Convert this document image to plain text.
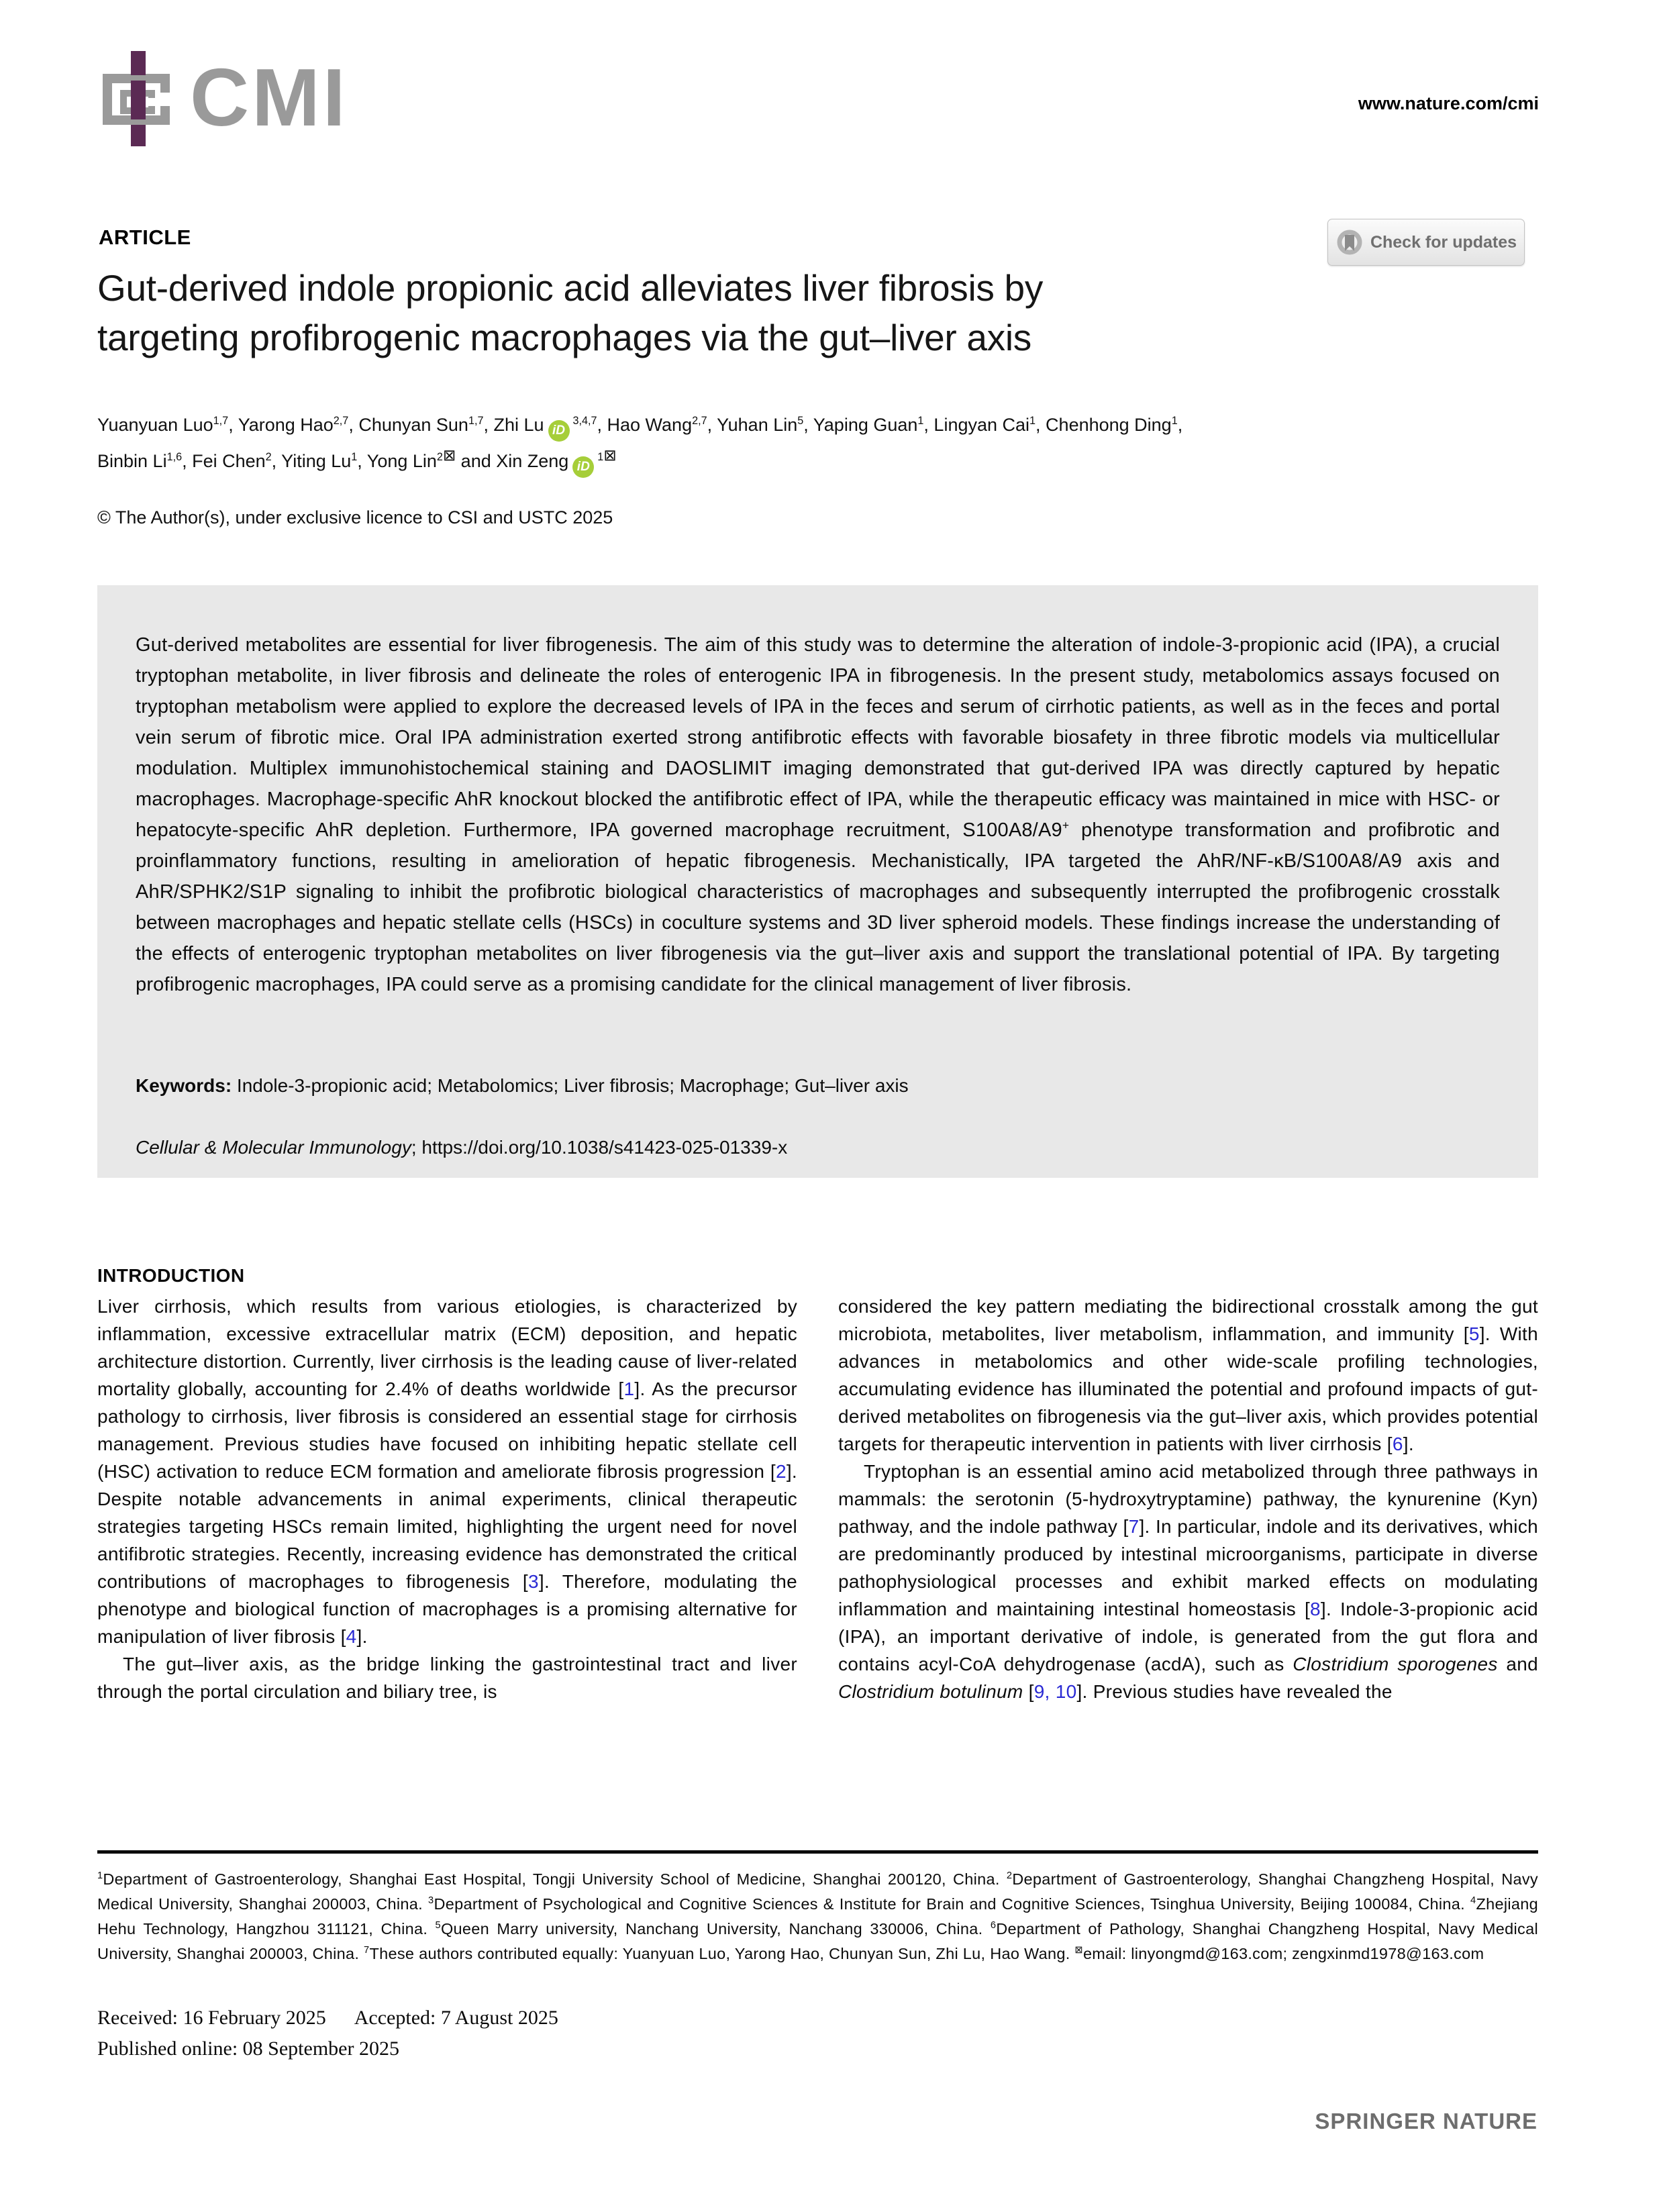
CMI	www.nature.com/cmi
ARTICLE	Check for updates
Gut-derived indole propionic acid alleviates liver fibrosis by
targeting profibrogenic macrophages via the gut–liver axis
Yuanyuan Luo$^{1,7}$, Yarong Hao$^{2,7}$, Chunyan Sun$^{1,7}$, Zhi Lu iD$^{3,4,7}$, Hao Wang$^{2,7}$, Yuhan Lin$^5$, Yaping Guan$^1$, Lingyan Cai$^1$, Chenhong Ding$^1$,
Binbin Li$^{1,6}$, Fei Chen$^2$, Yiting Lu$^1$, Yong Lin$^{2⊠}$ and Xin Zeng $iD^{1⊠}$
© The Author(s), under exclusive licence to CSI and USTC 2025
Gut-derived metabolites are essential for liver fibrogenesis. The aim of this study was to determine the alteration of indole-3-propionic acid (IPA), a crucial tryptophan metabolite, in liver fibrosis and delineate the roles of enterogenic IPA in fibrogenesis. In the present study, metabolomics assays focused on tryptophan metabolism were applied to explore the decreased levels of IPA in the feces and serum of cirrhotic patients, as well as in the feces and portal vein serum of fibrotic mice. Oral IPA administration exerted strong antifibrotic effects with favorable biosafety in three fibrotic models via multicellular modulation. Multiplex immunohistochemical staining and DAOSLIMIT imaging demonstrated that gut-derived IPA was directly captured by hepatic macrophages. Macrophage-specific AhR knockout blocked the antifibrotic effect of IPA, while the therapeutic efficacy was maintained in mice with HSC- or hepatocyte-specific AhR depletion. Furthermore, IPA governed macrophage recruitment, S100A8/A9+ phenotype transformation and profibrotic and proinflammatory functions, resulting in amelioration of hepatic fibrogenesis. Mechanistically, IPA targeted the AhR/NF-κB/S100A8/A9 axis and AhR/SPHK2/S1P signaling to inhibit the profibrotic biological characteristics of macrophages and subsequently interrupted the profibrogenic crosstalk between macrophages and hepatic stellate cells (HSCs) in coculture systems and 3D liver spheroid models. These findings increase the understanding of the effects of enterogenic tryptophan metabolites on liver fibrogenesis via the gut–liver axis and support the translational potential of IPA. By targeting profibrogenic macrophages, IPA could serve as a promising candidate for the clinical management of liver fibrosis.
Keywords: Indole-3-propionic acid; Metabolomics; Liver fibrosis; Macrophage; Gut–liver axis
Cellular & Molecular Immunology; https://doi.org/10.1038/s41423-025-01339-x
INTRODUCTION

Liver cirrhosis, which results from various etiologies, is characterized by inflammation, excessive extracellular matrix (ECM) deposition, and hepatic architecture distortion. Currently, liver cirrhosis is the leading cause of liver-related mortality globally, accounting for 2.4% of deaths worldwide [1]. As the precursor pathology to cirrhosis, liver fibrosis is considered an essential stage for cirrhosis management. Previous studies have focused on inhibiting hepatic stellate cell (HSC) activation to reduce ECM formation and ameliorate fibrosis progression [2]. Despite notable advancements in animal experiments, clinical therapeutic strategies targeting HSCs remain limited, highlighting the urgent need for novel antifibrotic strategies. Recently, increasing evidence has demonstrated the critical contributions of macrophages to fibrogenesis [3]. Therefore, modulating the phenotype and biological function of macrophages is a promising alternative for manipulation of liver fibrosis [4].

The gut–liver axis, as the bridge linking the gastrointestinal tract and liver through the portal circulation and biliary tree, is

considered the key pattern mediating the bidirectional crosstalk among the gut microbiota, metabolites, liver metabolism, inflammation, and immunity [5]. With advances in metabolomics and other wide-scale profiling technologies, accumulating evidence has illuminated the potential and profound impacts of gut-derived metabolites on fibrogenesis via the gut–liver axis, which provides potential targets for therapeutic intervention in patients with liver cirrhosis [6].

Tryptophan is an essential amino acid metabolized through three pathways in mammals: the serotonin (5-hydroxytryptamine) pathway, the kynurenine (Kyn) pathway, and the indole pathway [7]. In particular, indole and its derivatives, which are predominantly produced by intestinal microorganisms, participate in diverse pathophysiological processes and exhibit marked effects on modulating inflammation and maintaining intestinal homeostasis [8]. Indole-3-propionic acid (IPA), an important derivative of indole, is generated from the gut flora and contains acyl-CoA dehydrogenase (acdA), such as Clostridium sporogenes and Clostridium botulinum [9, 10]. Previous studies have revealed the

$^1$Department of Gastroenterology, Shanghai East Hospital, Tongji University School of Medicine, Shanghai 200120, China. $^2$Department of Gastroenterology, Shanghai Changzheng Hospital, Navy Medical University, Shanghai 200003, China. $^3$Department of Psychological and Cognitive Sciences & Institute for Brain and Cognitive Sciences, Tsinghua University, Beijing 100084, China. $^4$Zhejiang Hehu Technology, Hangzhou 311121, China. $^5$Queen Marry university, Nanchang University, Nanchang 330006, China. $^6$Department of Pathology, Shanghai Changzheng Hospital, Navy Medical University, Shanghai 200003, China. $^7$These authors contributed equally: Yuanyuan Luo, Yarong Hao, Chunyan Sun, Zhi Lu, Hao Wang. ⊠email: linyongmd@163.com; zengxinmd1978@163.com
Received: 16 February 2025 Accepted: 7 August 2025
Published online: 08 September 2025
SPRINGER NATURE
